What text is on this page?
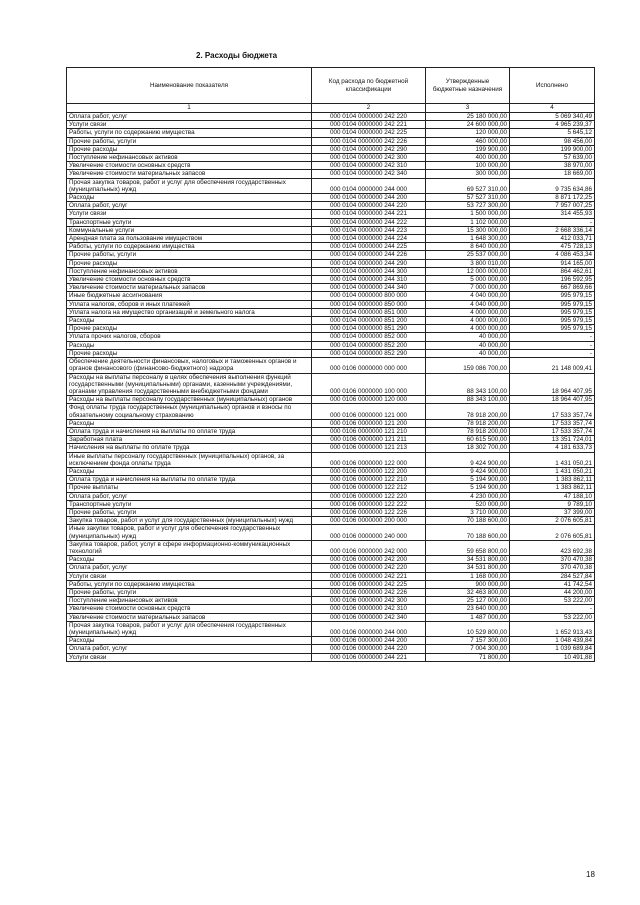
2. Расходы бюджета
Наименование показателя	Код расхода по бюджетной классификации	Утвержденные бюджетные назначения	Исполнено
1	2	3	4
Оплата работ, услуг	000 0104 0000000 242 220	25 180 000,00	5 069 340,49
Услуги связи	000 0104 0000000 242 221	24 600 000,00	4 965 239,37
Работы, услуги по содержанию имущества	000 0104 0000000 242 225	120 000,00	5 645,12
Прочие работы, услуги	000 0104 0000000 242 226	460 000,00	98 456,00
Прочие расходы	000 0104 0000000 242 290	199 900,00	199 900,00
Поступление нефинансовых активов	000 0104 0000000 242 300	400 000,00	57 639,00
Увеличение стоимости основных средств	000 0104 0000000 242 310	100 000,00	38 970,00
Увеличение стоимости материальных запасов	000 0104 0000000 242 340	300 000,00	18 669,00
Прочая закупка товаров, работ и услуг для обеспечения государственных (муниципальных) нужд	000 0104 0000000 244 000	69 527 310,00	9 735 634,86
Расходы	000 0104 0000000 244 200	57 527 310,00	8 871 172,25
Оплата работ, услуг	000 0104 0000000 244 220	53 727 300,00	7 957 007,25
Услуги связи	000 0104 0000000 244 221	1 500 000,00	314 455,93
Транспортные услуги	000 0104 0000000 244 222	1 102 000,00	-
Коммунальные услуги	000 0104 0000000 244 223	15 300 000,00	2 668 336,14
Арендная плата за пользование имуществом	000 0104 0000000 244 224	1 648 300,00	412 033,71
Работы, услуги по содержанию имущества	000 0104 0000000 244 225	8 640 000,00	475 728,13
Прочие работы, услуги	000 0104 0000000 244 226	25 537 000,00	4 086 453,34
Прочие расходы	000 0104 0000000 244 290	3 800 010,00	914 165,00
Поступление нефинансовых активов	000 0104 0000000 244 300	12 000 000,00	864 462,61
Увеличение стоимости основных средств	000 0104 0000000 244 310	5 000 000,00	196 592,95
Увеличение стоимости материальных запасов	000 0104 0000000 244 340	7 000 000,00	667 869,66
Иные бюджетные ассигнования	000 0104 0000000 800 000	4 040 000,00	995 979,15
Уплата налогов, сборов и иных платежей	000 0104 0000000 850 000	4 040 000,00	995 979,15
Уплата налога на имущество организаций и земельного налога	000 0104 0000000 851 000	4 000 000,00	995 979,15
Расходы	000 0104 0000000 851 200	4 000 000,00	995 979,15
Прочие расходы	000 0104 0000000 851 290	4 000 000,00	995 979,15
Уплата прочих налогов, сборов	000 0104 0000000 852 000	40 000,00	-
Расходы	000 0104 0000000 852 200	40 000,00	-
Прочие расходы	000 0104 0000000 852 290	40 000,00	-
Обеспечение деятельности финансовых, налоговых и таможенных органов и органов финансового (финансово-бюджетного) надзора	000 0106 0000000 000 000	159 086 700,00	21 148 009,41
Расходы на выплаты персоналу в целях обеспечения выполнения функций государственными (муниципальными) органами, казенными учреждениями, органами управления государственными внебюджетными фондами	000 0106 0000000 100 000	88 343 100,00	18 964 407,95
Расходы на выплаты персоналу государственных (муниципальных) органов	000 0106 0000000 120 000	88 343 100,00	18 964 407,95
Фонд оплаты труда государственных (муниципальных) органов и взносы по обязательному социальному страхованию	000 0106 0000000 121 000	78 918 200,00	17 533 357,74
Расходы	000 0106 0000000 121 200	78 918 200,00	17 533 357,74
Оплата труда и начисления на выплаты по оплате труда	000 0106 0000000 121 210	78 918 200,00	17 533 357,74
Заработная плата	000 0106 0000000 121 211	60 615 500,00	13 351 724,01
Начисления на выплаты по оплате труда	000 0106 0000000 121 213	18 302 700,00	4 181 633,73
Иные выплаты персоналу государственных (муниципальных) органов, за исключением фонда оплаты труда	000 0106 0000000 122 000	9 424 900,00	1 431 050,21
Расходы	000 0106 0000000 122 200	9 424 900,00	1 431 050,21
Оплата труда и начисления на выплаты по оплате труда	000 0106 0000000 122 210	5 194 900,00	1 383 862,11
Прочие выплаты	000 0106 0000000 122 212	5 194 900,00	1 383 862,11
Оплата работ, услуг	000 0106 0000000 122 220	4 230 000,00	47 188,10
Транспортные услуги	000 0106 0000000 122 222	520 000,00	9 789,10
Прочие работы, услуги	000 0106 0000000 122 226	3 710 000,00	37 399,00
Закупка товаров, работ и услуг для государственных (муниципальных) нужд	000 0106 0000000 200 000	70 188 600,00	2 076 605,81
Иные закупки товаров, работ и услуг для обеспечения государственных (муниципальных) нужд	000 0106 0000000 240 000	70 188 600,00	2 076 605,81
Закупка товаров, работ, услуг в сфере информационно-коммуникационных технологий	000 0106 0000000 242 000	59 658 800,00	423 692,38
Расходы	000 0106 0000000 242 200	34 531 800,00	370 470,38
Оплата работ, услуг	000 0106 0000000 242 220	34 531 800,00	370 470,38
Услуги связи	000 0106 0000000 242 221	1 168 000,00	284 527,84
Работы, услуги по содержанию имущества	000 0106 0000000 242 225	900 000,00	41 742,54
Прочие работы, услуги	000 0106 0000000 242 226	32 463 800,00	44 200,00
Поступление нефинансовых активов	000 0106 0000000 242 300	25 127 000,00	53 222,00
Увеличение стоимости основных средств	000 0106 0000000 242 310	23 640 000,00	-
Увеличение стоимости материальных запасов	000 0106 0000000 242 340	1 487 000,00	53 222,00
Прочая закупка товаров, работ и услуг для обеспечения государственных (муниципальных) нужд	000 0106 0000000 244 000	10 529 800,00	1 652 913,43
Расходы	000 0106 0000000 244 200	7 157 300,00	1 048 439,84
Оплата работ, услуг	000 0106 0000000 244 220	7 004 300,00	1 039 689,84
Услуги связи	000 0106 0000000 244 221	71 800,00	10 491,88
18
